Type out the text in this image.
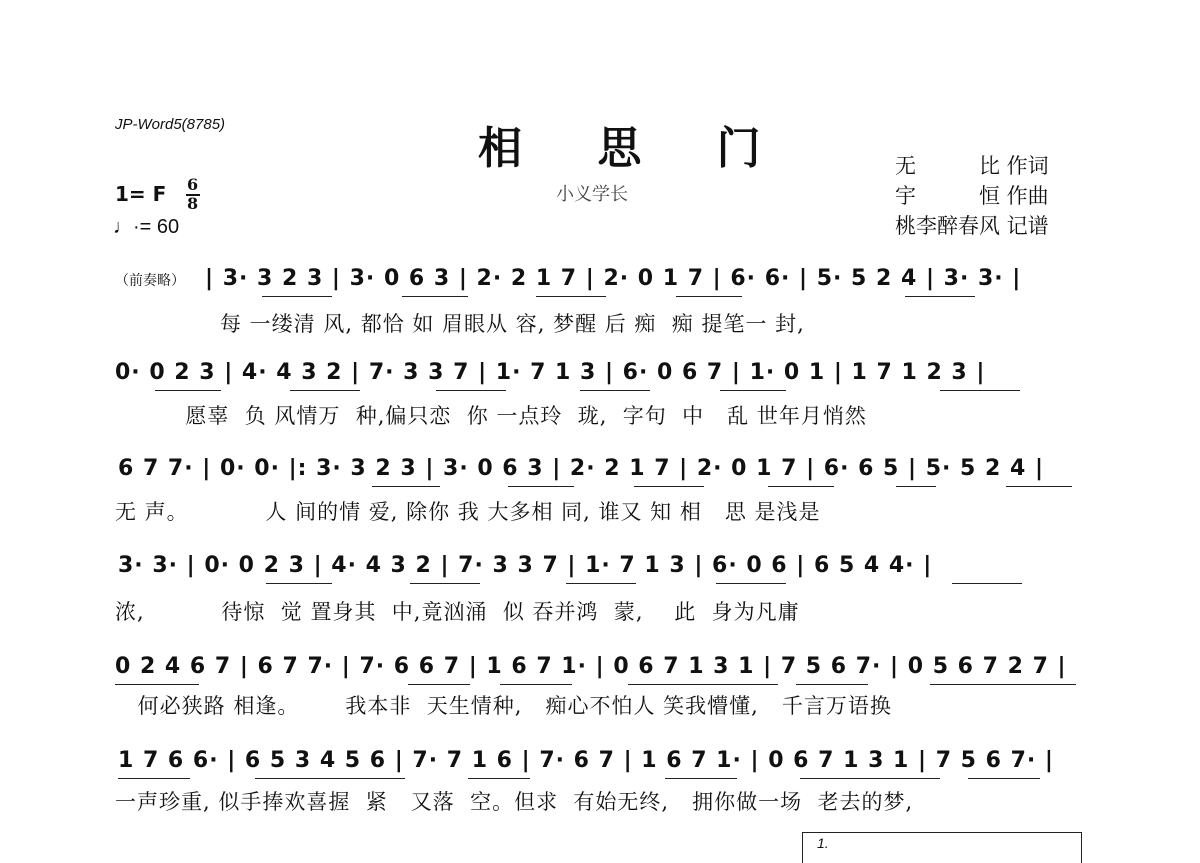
JP-Word5(8785)	相 思 门
小义学长
无　　　比 作词
宇　　　恒 作曲
桃李醉春风 记谱
1= F 6
8
♩·= 60
（前奏略） | 3· 3 2 3 | 3· 0 6 3 | 2· 2 1 7 | 2· 0 1 7 | 6· 6· | 5· 5 2 4 | 3· 3· |
每 一缕清 风, 都恰 如 眉眼从 容, 梦醒 后 痴  痴 提笔一 封,
0· 0 2 3 | 4· 4 3 2 | 7· 3 3 7 | 1· 7 1 3 | 6· 0 6 7 | 1· 0 1 | 1 7 1 2 3 |
愿辜  负 风情万  种,偏只恋  你 一点玲  珑,  字句  中   乱 世年月悄然
6 7 7· | 0· 0· |: 3· 3 2 3 | 3· 0 6 3 | 2· 2 1 7 | 2· 0 1 7 | 6· 6 5 | 5· 5 2 4 |
无 声。          人 间的情 爱, 除你 我 大多相 同, 谁又 知 相   思 是浅是
3· 3· | 0· 0 2 3 | 4· 4 3 2 | 7· 3 3 7 | 1· 7 1 3 | 6· 0 6 | 6 5 4 4· |
浓,          待惊  觉 置身其  中,竟汹涌  似 吞并鸿  蒙,    此  身为凡庸
0 2 4 6 7 | 6 7 7· | 7· 6 6 7 | 1 6 7 1· | 0 6 7 1 3 1 | 7 5 6 7· | 0 5 6 7 2 7 |
何必狭路 相逢。      我本非  天生情种,   痴心不怕人 笑我懵懂,   千言万语换
1 7 6 6· | 6 5 3 4 5 6 | 7· 7 1 6 | 7· 6 7 | 1 6 7 1· | 0 6 7 1 3 1 | 7 5 6 7· |
一声珍重, 似手捧欢喜握  紧   又落  空。但求  有始无终,   拥你做一场  老去的梦,
1.
